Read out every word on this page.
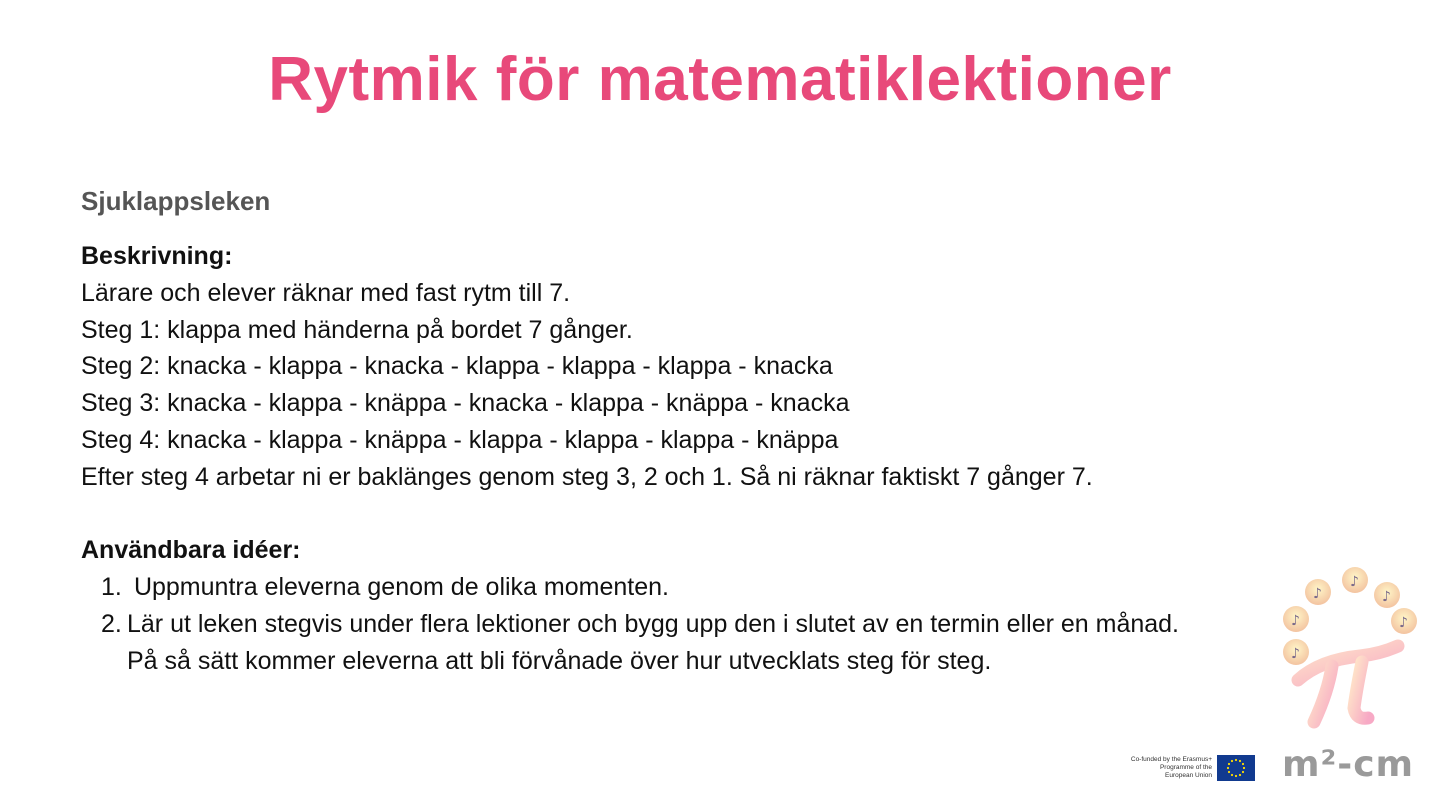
Rytmik för matematiklektioner
Sjuklappsleken
Beskrivning:
Lärare och elever räknar med fast rytm till 7.
Steg 1: klappa med händerna på bordet 7 gånger.
Steg 2: knacka - klappa - knacka - klappa - klappa - klappa - knacka
Steg 3: knacka - klappa - knäppa - knacka - klappa - knäppa - knacka
Steg 4: knacka - klappa - knäppa - klappa - klappa - klappa - knäppa
Efter steg 4 arbetar ni er baklänges genom steg 3, 2 och 1. Så ni räknar faktiskt 7 gånger 7.
Användbara idéer:
1. Uppmuntra eleverna genom de olika momenten.
2. Lär ut leken stegvis under flera lektioner och bygg upp den i slutet av en termin eller en månad.
På så sätt kommer eleverna att bli förvånade över hur utvecklats steg för steg.
♪
♪
♪
♪
♪
♪
Co-funded by the Erasmus+ Programme of the European Union m²-cm
